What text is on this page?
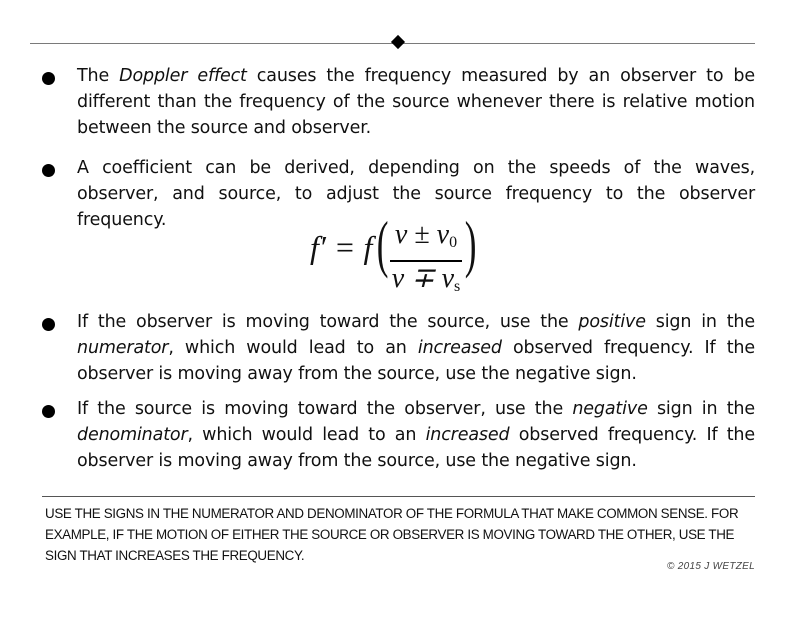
The Doppler effect causes the frequency measured by an observer to be different than the frequency of the source whenever there is relative motion between the source and observer.
A coefficient can be derived, depending on the speeds of the waves, observer, and source, to adjust the source frequency to the observer frequency.
f′ = f ( $v \pm v_0$
$v \mp v_s$
)
If the observer is moving toward the source, use the positive sign in the numerator, which would lead to an increased observed frequency. If the observer is moving away from the source, use the negative sign.
If the source is moving toward the observer, use the negative sign in the denominator, which would lead to an increased observed frequency. If the observer is moving away from the source, use the negative sign.
USE THE SIGNS IN THE NUMERATOR AND DENOMINATOR OF THE FORMULA THAT MAKE COMMON SENSE. FOR EXAMPLE, IF THE MOTION OF EITHER THE SOURCE OR OBSERVER IS MOVING TOWARD THE OTHER, USE THE SIGN THAT INCREASES THE FREQUENCY.
© 2015 J WETZEL
